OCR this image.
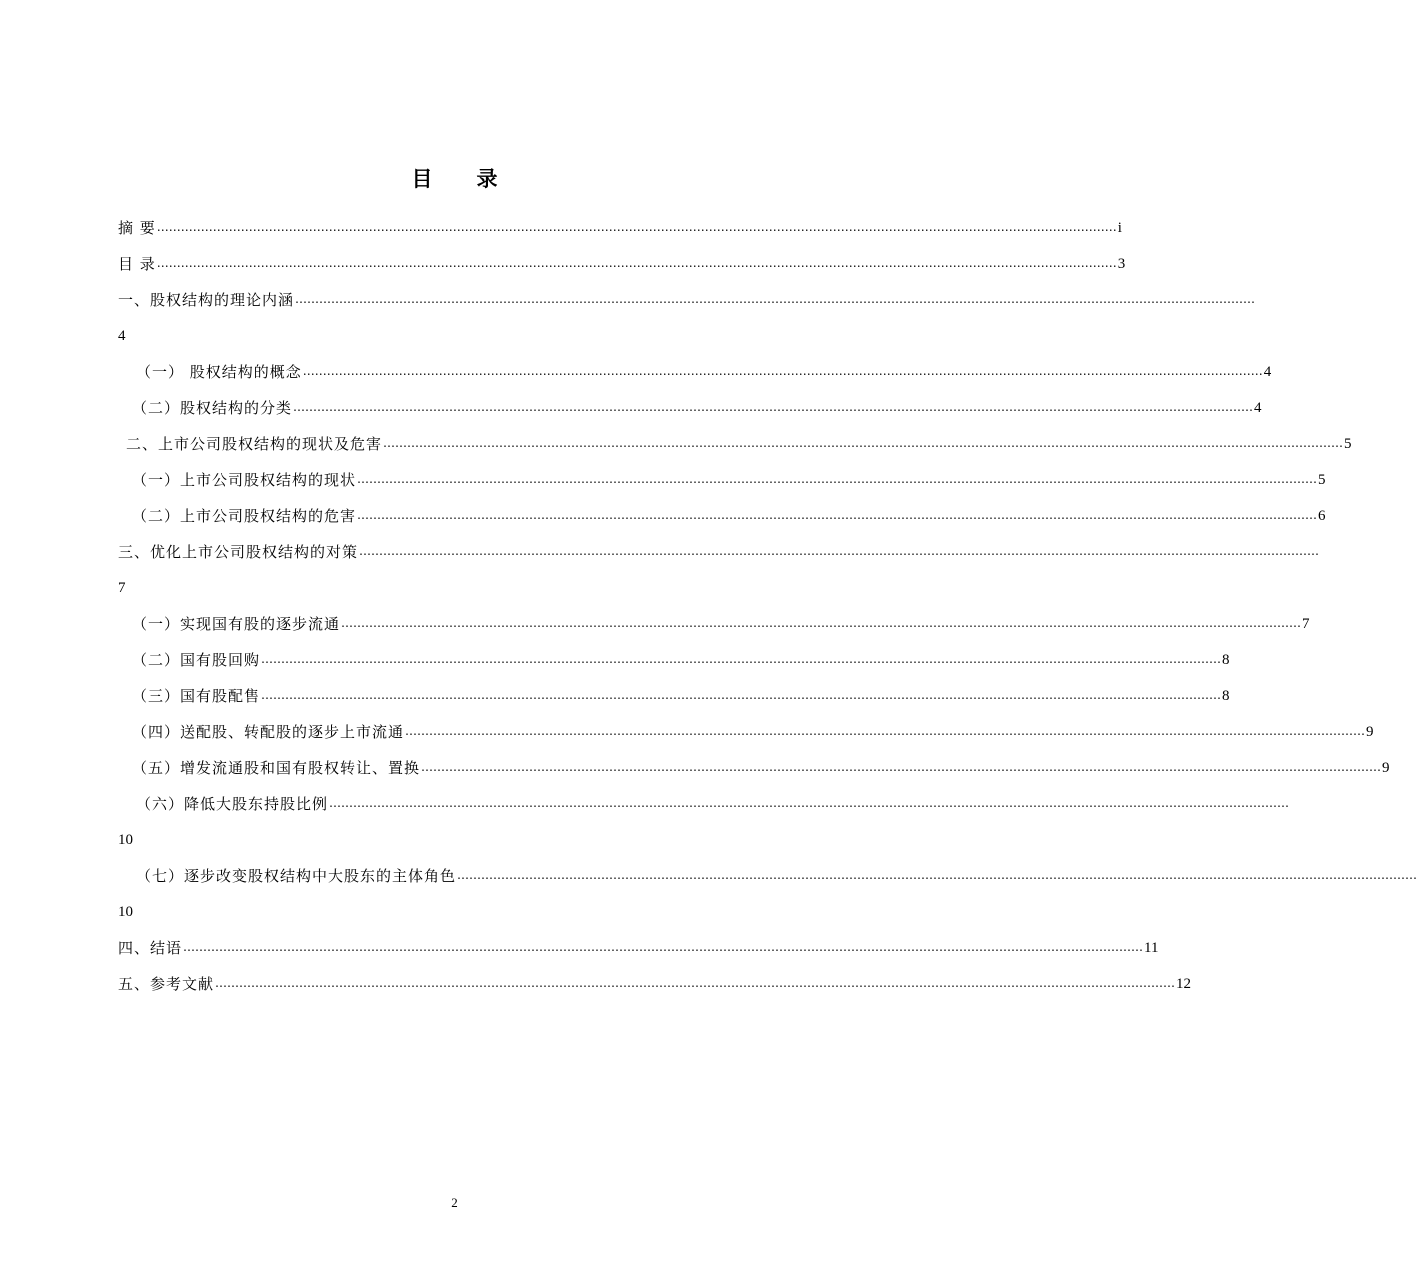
目 录
摘 要 …………………………………………………………………………………………………………………………………………………………………………………………………………………… i
目 录 …………………………………………………………………………………………………………………………………………………………………………………………………………………… 3
一、股权结构的理论内涵 ……………………………………………………………………………………………………………………………………………………………………………………………………………………
4
（一） 股权结构的概念 …………………………………………………………………………………………………………………………………………………………………………………………………………………… 4
（二）股权结构的分类 …………………………………………………………………………………………………………………………………………………………………………………………………………………… 4
二、上市公司股权结构的现状及危害 …………………………………………………………………………………………………………………………………………………………………………………………………………………… 5
（一）上市公司股权结构的现状 …………………………………………………………………………………………………………………………………………………………………………………………………………………… 5
（二）上市公司股权结构的危害 …………………………………………………………………………………………………………………………………………………………………………………………………………………… 6
三、优化上市公司股权结构的对策 ……………………………………………………………………………………………………………………………………………………………………………………………………………………
7
（一）实现国有股的逐步流通 …………………………………………………………………………………………………………………………………………………………………………………………………………………… 7
（二）国有股回购 …………………………………………………………………………………………………………………………………………………………………………………………………………………… 8
（三）国有股配售 …………………………………………………………………………………………………………………………………………………………………………………………………………………… 8
（四）送配股、转配股的逐步上市流通 …………………………………………………………………………………………………………………………………………………………………………………………………………………… 9
（五）增发流通股和国有股权转让、置换 …………………………………………………………………………………………………………………………………………………………………………………………………………………… 9
（六）降低大股东持股比例 ……………………………………………………………………………………………………………………………………………………………………………………………………………………
10
（七）逐步改变股权结构中大股东的主体角色 ……………………………………………………………………………………………………………………………………………………………………………………………………………………
10
四、结语 …………………………………………………………………………………………………………………………………………………………………………………………………………………… 11
五、参考文献 …………………………………………………………………………………………………………………………………………………………………………………………………………………… 12
2
